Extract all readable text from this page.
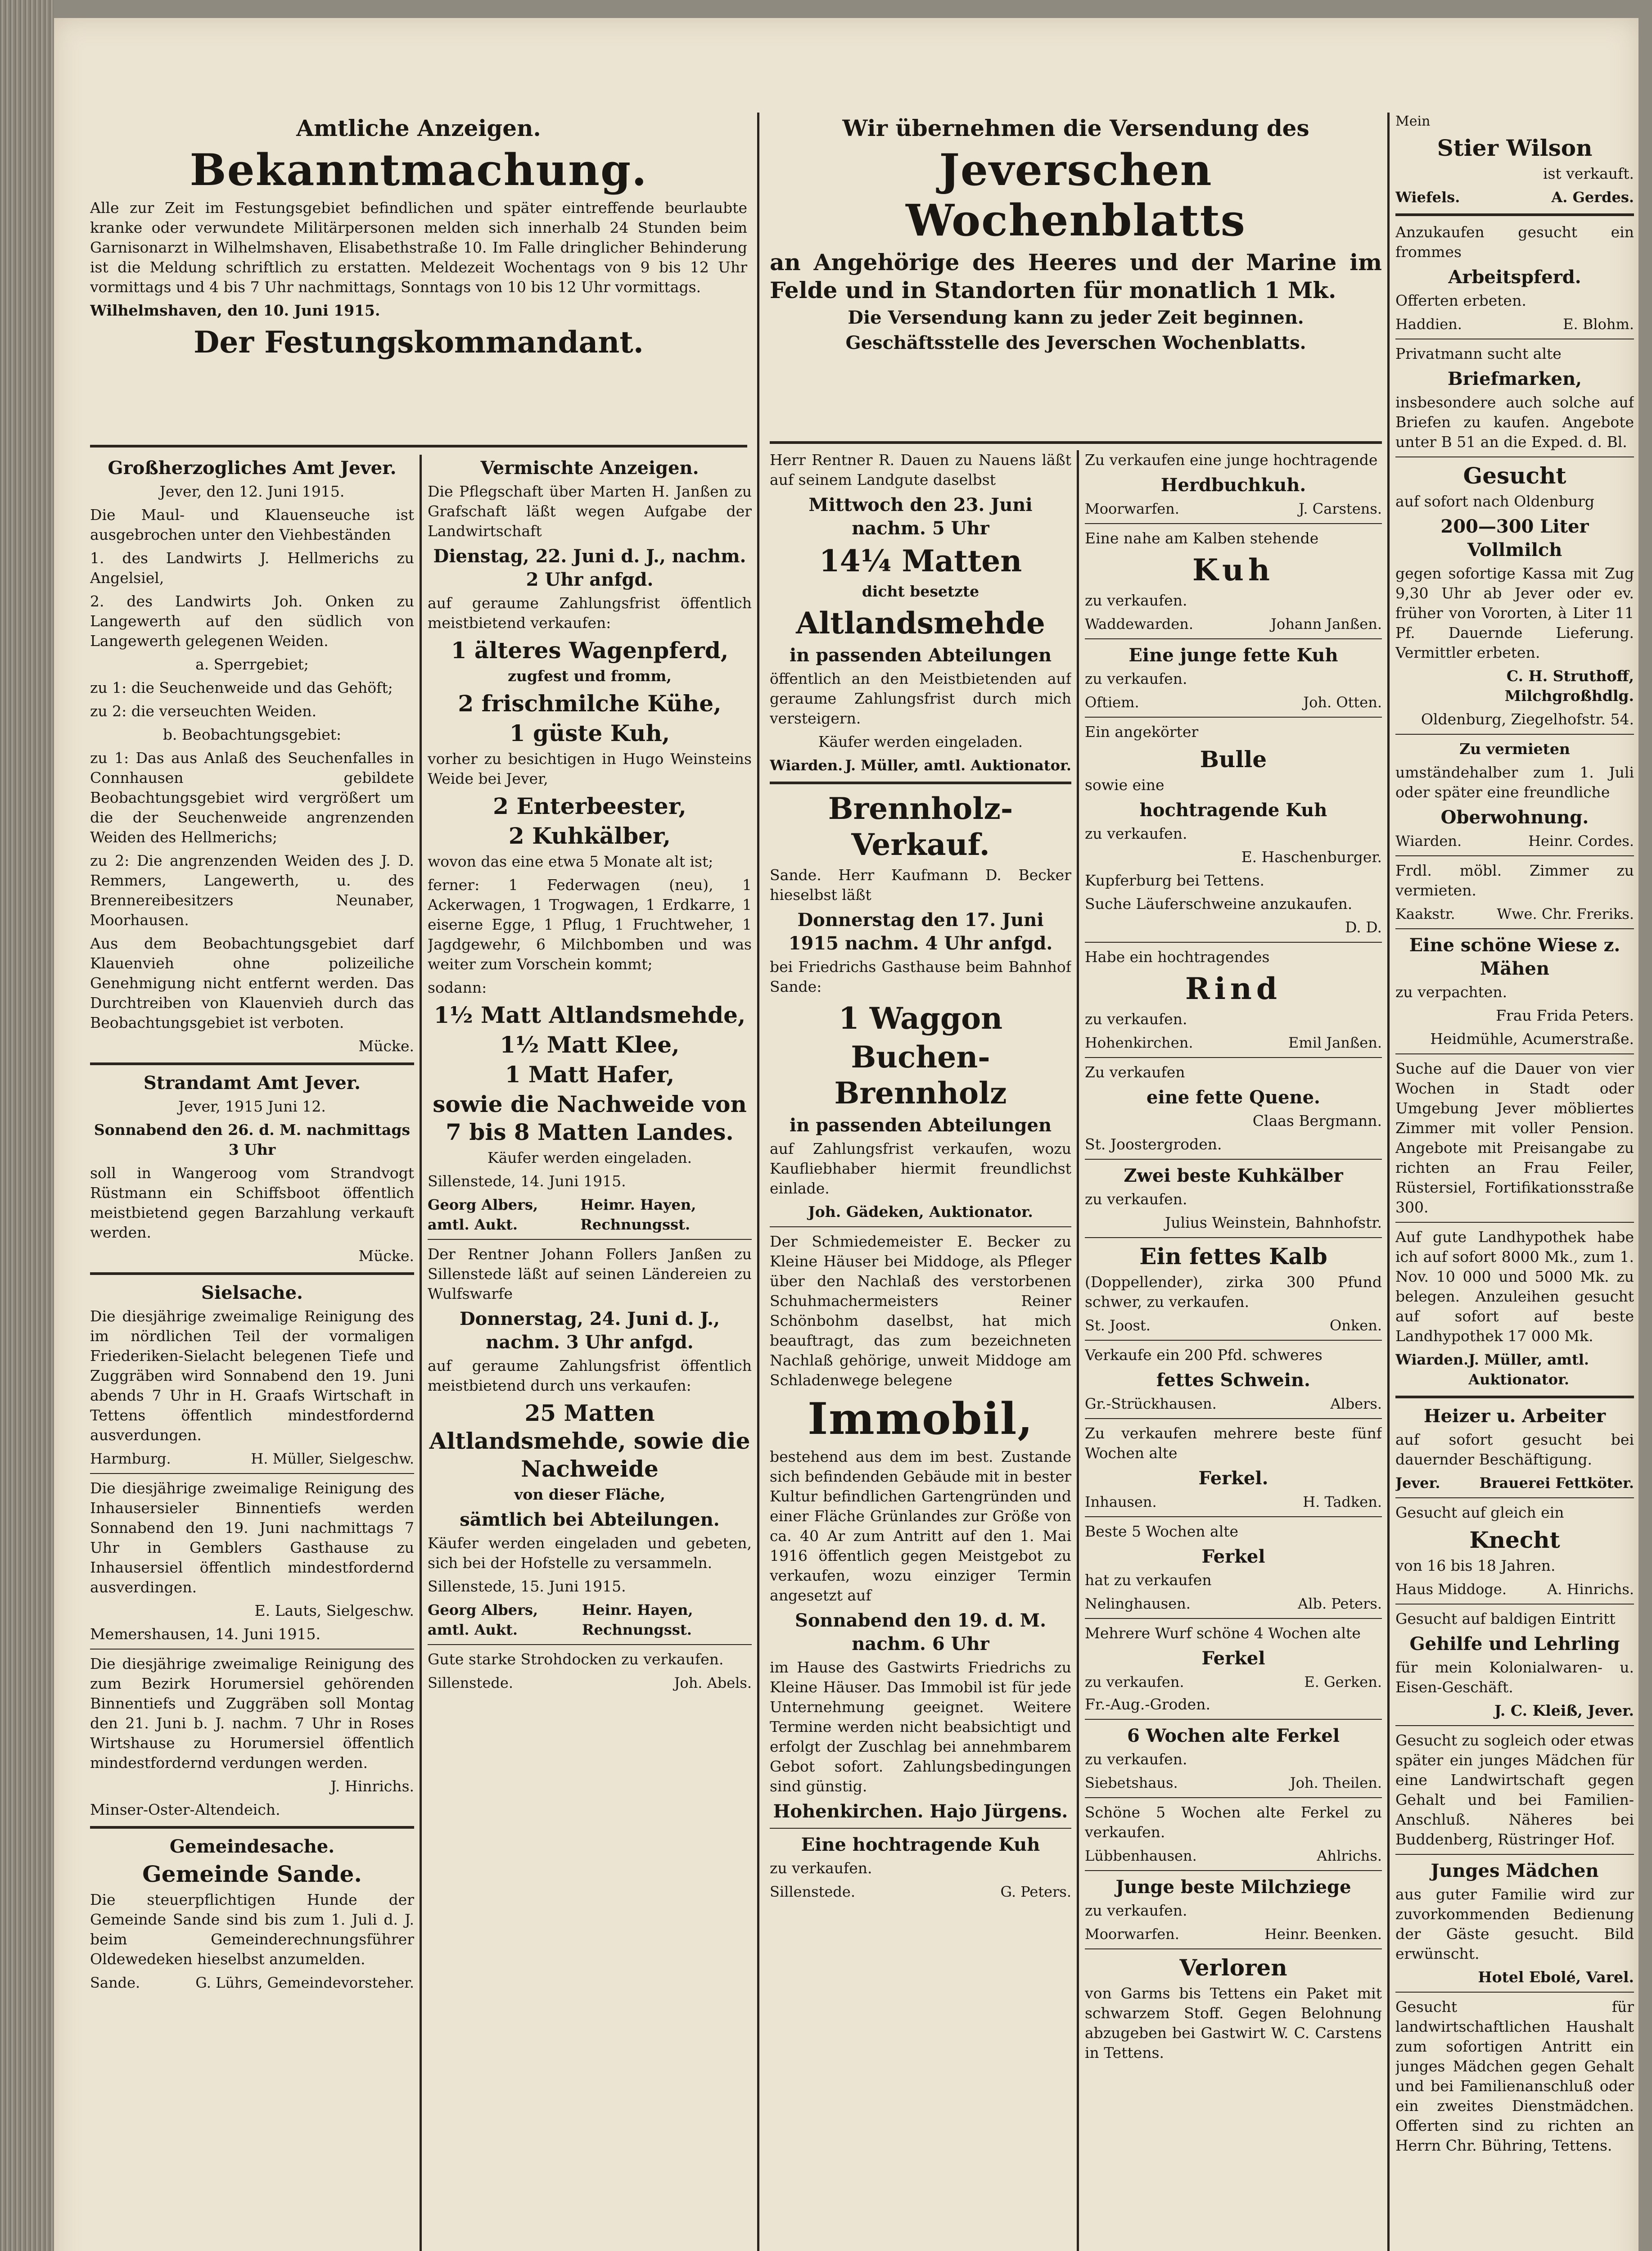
Amtliche Anzeigen.
Bekanntmachung.

Alle zur Zeit im Festungsgebiet befindlichen und später eintreffende beurlaubte kranke oder verwundete Militärpersonen melden sich innerhalb 24 Stunden beim Garnisonarzt in Wilhelmshaven, Elisabethstraße 10. Im Falle dringlicher Behinderung ist die Meldung schriftlich zu erstatten. Meldezeit Wochentags von 9 bis 12 Uhr vormittags und 4 bis 7 Uhr nachmittags, Sonntags von 10 bis 12 Uhr vormittags.

Wilhelmshaven, den 10. Juni 1915.

Der Festungskommandant.
Großherzogliches Amt Jever.

Jever, den 12. Juni 1915.

Die Maul- und Klauenseuche ist ausgebrochen unter den Viehbeständen

1. des Landwirts J. Hellmerichs zu Angelsiel,

2. des Landwirts Joh. Onken zu Langewerth auf den südlich von Langewerth gelegenen Weiden.

a. Sperrgebiet;

zu 1: die Seuchenweide und das Gehöft;

zu 2: die verseuchten Weiden.

b. Beobachtungsgebiet:

zu 1: Das aus Anlaß des Seuchenfalles in Connhausen gebildete Beobachtungsgebiet wird vergrößert um die der Seuchenweide angrenzenden Weiden des Hellmerichs;

zu 2: Die angrenzenden Weiden des J. D. Remmers, Langewerth, u. des Brennereibesitzers Neunaber, Moorhausen.

Aus dem Beobachtungsgebiet darf Klauenvieh ohne polizeiliche Genehmigung nicht entfernt werden. Das Durchtreiben von Klauenvieh durch das Beobachtungsgebiet ist verboten.

Mücke.

Strandamt Amt Jever.

Jever, 1915 Juni 12.

Sonnabend den 26. d. M. nachmittags 3 Uhr

soll in Wangeroog vom Strandvogt Rüstmann ein Schiffsboot öffentlich meistbietend gegen Barzahlung verkauft werden.

Mücke.

Sielsache.

Die diesjährige zweimalige Reinigung des im nördlichen Teil der vormaligen Friederiken-Sielacht belegenen Tiefe und Zuggräben wird Sonnabend den 19. Juni abends 7 Uhr in H. Graafs Wirtschaft in Tettens öffentlich mindestfordernd ausverdungen.

Harmburg.	H. Müller, Sielgeschw.

Die diesjährige zweimalige Reinigung des Inhausersieler Binnentiefs werden Sonnabend den 19. Juni nachmittags 7 Uhr in Gemblers Gasthause zu Inhausersiel öffentlich mindestfordernd ausverdingen.

E. Lauts, Sielgeschw.

Memershausen, 14. Juni 1915.

Die diesjährige zweimalige Reinigung des zum Bezirk Horumersiel gehörenden Binnentiefs und Zuggräben soll Montag den 21. Juni b. J. nachm. 7 Uhr in Roses Wirtshause zu Horumersiel öffentlich mindestfordernd verdungen werden.

J. Hinrichs.

Minser-Oster-Altendeich.

Gemeindesache.
Gemeinde Sande.

Die steuerpflichtigen Hunde der Gemeinde Sande sind bis zum 1. Juli d. J. beim Gemeinderechnungsführer Oldewedeken hieselbst anzumelden.

Sande.	G. Lührs, Gemeindevorsteher.
Vermischte Anzeigen.

Die Pflegschaft über Marten H. Janßen zu Grafschaft läßt wegen Aufgabe der Landwirtschaft

Dienstag, 22. Juni d. J., nachm. 2 Uhr anfgd.

auf geraume Zahlungsfrist öffentlich meistbietend verkaufen:

1 älteres Wagenpferd,

zugfest und fromm,

2 frischmilche Kühe,
1 güste Kuh,

vorher zu besichtigen in Hugo Weinsteins Weide bei Jever,

2 Enterbeester,
2 Kuhkälber,

wovon das eine etwa 5 Monate alt ist;

ferner: 1 Federwagen (neu), 1 Ackerwagen, 1 Trogwagen, 1 Erdkarre, 1 eiserne Egge, 1 Pflug, 1 Fruchtweher, 1 Jagdgewehr, 6 Milchbomben und was weiter zum Vorschein kommt;

sodann:

1½ Matt Altlandsmehde,
1½ Matt Klee,
1 Matt Hafer,
sowie die Nachweide von 7 bis 8 Matten Landes.

Käufer werden eingeladen.

Sillenstede, 14. Juni 1915.

Georg Albers, amtl. Aukt.
Heimr. Hayen, Rechnungsst.

Der Rentner Johann Follers Janßen zu Sillenstede läßt auf seinen Ländereien zu Wulfswarfe

Donnerstag, 24. Juni d. J., nachm. 3 Uhr anfgd.

auf geraume Zahlungsfrist öffentlich meistbietend durch uns verkaufen:

25 Matten Altlandsmehde, sowie die Nachweide

von dieser Fläche,

sämtlich bei Abteilungen.

Käufer werden eingeladen und gebeten, sich bei der Hofstelle zu versammeln.

Sillenstede, 15. Juni 1915.

Georg Albers, amtl. Aukt.
Heinr. Hayen, Rechnungsst.

Gute starke Strohdocken zu verkaufen.

Sillenstede.	Joh. Abels.
Wir übernehmen die Versendung des
Jeverschen Wochenblatts
an Angehörige des Heeres und der Marine im Felde und in Standorten für monatlich 1 Mk.
Die Versendung kann zu jeder Zeit beginnen.
Geschäftsstelle des Jeverschen Wochenblatts.

Herr Rentner R. Dauen zu Nauens läßt auf seinem Landgute daselbst

Mittwoch den 23. Juni nachm. 5 Uhr
14¼ Matten

dicht besetzte

Altlandsmehde
in passenden Abteilungen

öffentlich an den Meistbietenden auf geraume Zahlungsfrist durch mich versteigern.

Käufer werden eingeladen.

Wiarden. J. Müller, amtl. Auktionator.
Brennholz-Verkauf.

Sande. Herr Kaufmann D. Becker hieselbst läßt

Donnerstag den 17. Juni 1915 nachm. 4 Uhr anfgd.

bei Friedrichs Gasthause beim Bahnhof Sande:

1 Waggon
Buchen-Brennholz
in passenden Abteilungen

auf Zahlungsfrist verkaufen, wozu Kaufliebhaber hiermit freundlichst einlade.

Joh. Gädeken, Auktionator.

Der Schmiedemeister E. Becker zu Kleine Häuser bei Middoge, als Pfleger über den Nachlaß des verstorbenen Schuhmachermeisters Reiner Schönbohm daselbst, hat mich beauftragt, das zum bezeichneten Nachlaß gehörige, unweit Middoge am Schladenwege belegene

Immobil,

bestehend aus dem im best. Zustande sich befindenden Gebäude mit in bester Kultur befindlichen Gartengründen und einer Fläche Grünlandes zur Größe von ca. 40 Ar zum Antritt auf den 1. Mai 1916 öffentlich gegen Meistgebot zu verkaufen, wozu einziger Termin angesetzt auf

Sonnabend den 19. d. M. nachm. 6 Uhr

im Hause des Gastwirts Friedrichs zu Kleine Häuser. Das Immobil ist für jede Unternehmung geeignet. Weitere Termine werden nicht beabsichtigt und erfolgt der Zuschlag bei annehmbarem Gebot sofort. Zahlungsbedingungen sind günstig.

Hohenkirchen. Hajo Jürgens.
Eine hochtragende Kuh

zu verkaufen.

Sillenstede.	G. Peters.

Zu verkaufen eine junge hochtragende

Herdbuchkuh.
Moorwarfen.	J. Carstens.

Eine nahe am Kalben stehende

Kuh

zu verkaufen.

Waddewarden.	Johann Janßen.
Eine junge fette Kuh

zu verkaufen.

Oftiem.	Joh. Otten.

Ein angekörter

Bulle

sowie eine

hochtragende Kuh

zu verkaufen.

E. Haschenburger.

Kupferburg bei Tettens.

Suche Läuferschweine anzukaufen.

D. D.

Habe ein hochtragendes

Rind

zu verkaufen.

Hohenkirchen.	Emil Janßen.

Zu verkaufen

eine fette Quene.

Claas Bergmann.

St. Joostergroden.

Zwei beste Kuhkälber

zu verkaufen.

Julius Weinstein, Bahnhofstr.

Ein fettes Kalb

(Doppellender), zirka 300 Pfund schwer, zu verkaufen.

St. Joost.	Onken.

Verkaufe ein 200 Pfd. schweres

fettes Schwein.
Gr.-Strückhausen.	Albers.

Zu verkaufen mehrere beste fünf Wochen alte

Ferkel.
Inhausen.	H. Tadken.

Beste 5 Wochen alte

Ferkel

hat zu verkaufen

Nelinghausen.	Alb. Peters.

Mehrere Wurf schöne 4 Wochen alte

Ferkel
zu verkaufen.	E. Gerken.

Fr.-Aug.-Groden.

6 Wochen alte Ferkel

zu verkaufen.

Siebetshaus.	Joh. Theilen.

Schöne 5 Wochen alte Ferkel zu verkaufen.

Lübbenhausen.	Ahlrichs.
Junge beste Milchziege

zu verkaufen.

Moorwarfen.	Heinr. Beenken.
Verloren

von Garms bis Tettens ein Paket mit schwarzem Stoff. Gegen Belohnung abzugeben bei Gastwirt W. C. Carstens in Tettens.

Mein

Stier Wilson

ist verkauft.

Wiefels.	A. Gerdes.

Anzukaufen gesucht ein frommes

Arbeitspferd.

Offerten erbeten.

Haddien.	E. Blohm.

Privatmann sucht alte

Briefmarken,

insbesondere auch solche auf Briefen zu kaufen. Angebote unter B 51 an die Exped. d. Bl.

Gesucht

auf sofort nach Oldenburg

200—300 Liter Vollmilch

gegen sofortige Kassa mit Zug 9,30 Uhr ab Jever oder ev. früher von Vororten, à Liter 11 Pf. Dauernde Lieferung. Vermittler erbeten.

C. H. Struthoff, Milchgroßhdlg.

Oldenburg, Ziegelhofstr. 54.

Zu vermieten

umständehalber zum 1. Juli oder später eine freundliche

Oberwohnung.
Wiarden.	Heinr. Cordes.

Frdl. möbl. Zimmer zu vermieten.

Kaakstr.	Wwe. Chr. Freriks.
Eine schöne Wiese z. Mähen

zu verpachten.

Frau Frida Peters.

Heidmühle, Acumerstraße.

Suche auf die Dauer von vier Wochen in Stadt oder Umgebung Jever möbliertes Zimmer mit voller Pension. Angebote mit Preisangabe zu richten an Frau Feiler, Rüstersiel, Fortifikationsstraße 300.

Auf gute Landhypothek habe ich auf sofort 8000 Mk., zum 1. Nov. 10 000 und 5000 Mk. zu belegen. Anzuleihen gesucht auf sofort auf beste Landhypothek 17 000 Mk.

Wiarden. J. Müller, amtl. Auktionator.
Heizer u. Arbeiter

auf sofort gesucht bei dauernder Beschäftigung.

Jever.	Brauerei Fettköter.

Gesucht auf gleich ein

Knecht

von 16 bis 18 Jahren.

Haus Middoge.	A. Hinrichs.

Gesucht auf baldigen Eintritt

Gehilfe und Lehrling

für mein Kolonialwaren- u. Eisen-Geschäft.

J. C. Kleiß, Jever.

Gesucht zu sogleich oder etwas später ein junges Mädchen für eine Landwirtschaft gegen Gehalt und bei Familien-Anschluß. Näheres bei Buddenberg, Rüstringer Hof.

Junges Mädchen

aus guter Familie wird zur zuvorkommenden Bedienung der Gäste gesucht. Bild erwünscht.

Hotel Ebolé, Varel.

Gesucht für landwirtschaftlichen Haushalt zum sofortigen Antritt ein junges Mädchen gegen Gehalt und bei Familienanschluß oder ein zweites Dienstmädchen. Offerten sind zu richten an Herrn Chr. Bühring, Tettens.
